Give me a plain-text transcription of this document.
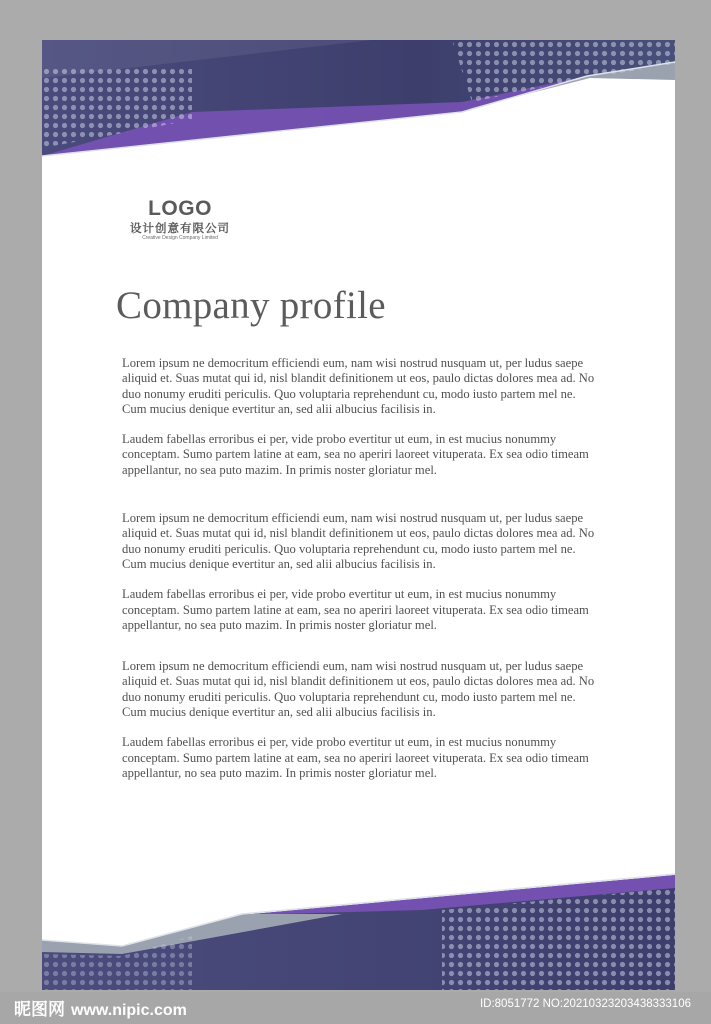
LOGO
设计创意有限公司
Creative Design Company Limited
Company profile

Lorem ipsum ne democritum efficiendi eum, nam wisi nostrud nusquam ut, per ludus saepe aliquid et. Suas mutat qui id, nisl blandit definitionem ut eos, paulo dictas dolores mea ad. No duo nonumy eruditi periculis. Quo voluptaria reprehendunt cu, modo iusto partem mel ne. Cum mucius denique evertitur an, sed alii albucius facilisis in.

Laudem fabellas erroribus ei per, vide probo evertitur ut eum, in est mucius nonummy conceptam. Sumo partem latine at eam, sea no aperiri laoreet vituperata. Ex sea odio timeam appellantur, no sea puto mazim. In primis noster gloriatur mel.

Lorem ipsum ne democritum efficiendi eum, nam wisi nostrud nusquam ut, per ludus saepe aliquid et. Suas mutat qui id, nisl blandit definitionem ut eos, paulo dictas dolores mea ad. No duo nonumy eruditi periculis. Quo voluptaria reprehendunt cu, modo iusto partem mel ne. Cum mucius denique evertitur an, sed alii albucius facilisis in.

Laudem fabellas erroribus ei per, vide probo evertitur ut eum, in est mucius nonummy conceptam. Sumo partem latine at eam, sea no aperiri laoreet vituperata. Ex sea odio timeam appellantur, no sea puto mazim. In primis noster gloriatur mel.

Lorem ipsum ne democritum efficiendi eum, nam wisi nostrud nusquam ut, per ludus saepe aliquid et. Suas mutat qui id, nisl blandit definitionem ut eos, paulo dictas dolores mea ad. No duo nonumy eruditi periculis. Quo voluptaria reprehendunt cu, modo iusto partem mel ne. Cum mucius denique evertitur an, sed alii albucius facilisis in.

Laudem fabellas erroribus ei per, vide probo evertitur ut eum, in est mucius nonummy conceptam. Sumo partem latine at eam, sea no aperiri laoreet vituperata. Ex sea odio timeam appellantur, no sea puto mazim. In primis noster gloriatur mel.

昵图网 www.nipic.com	ID:8051772 NO:20210323203438333106
